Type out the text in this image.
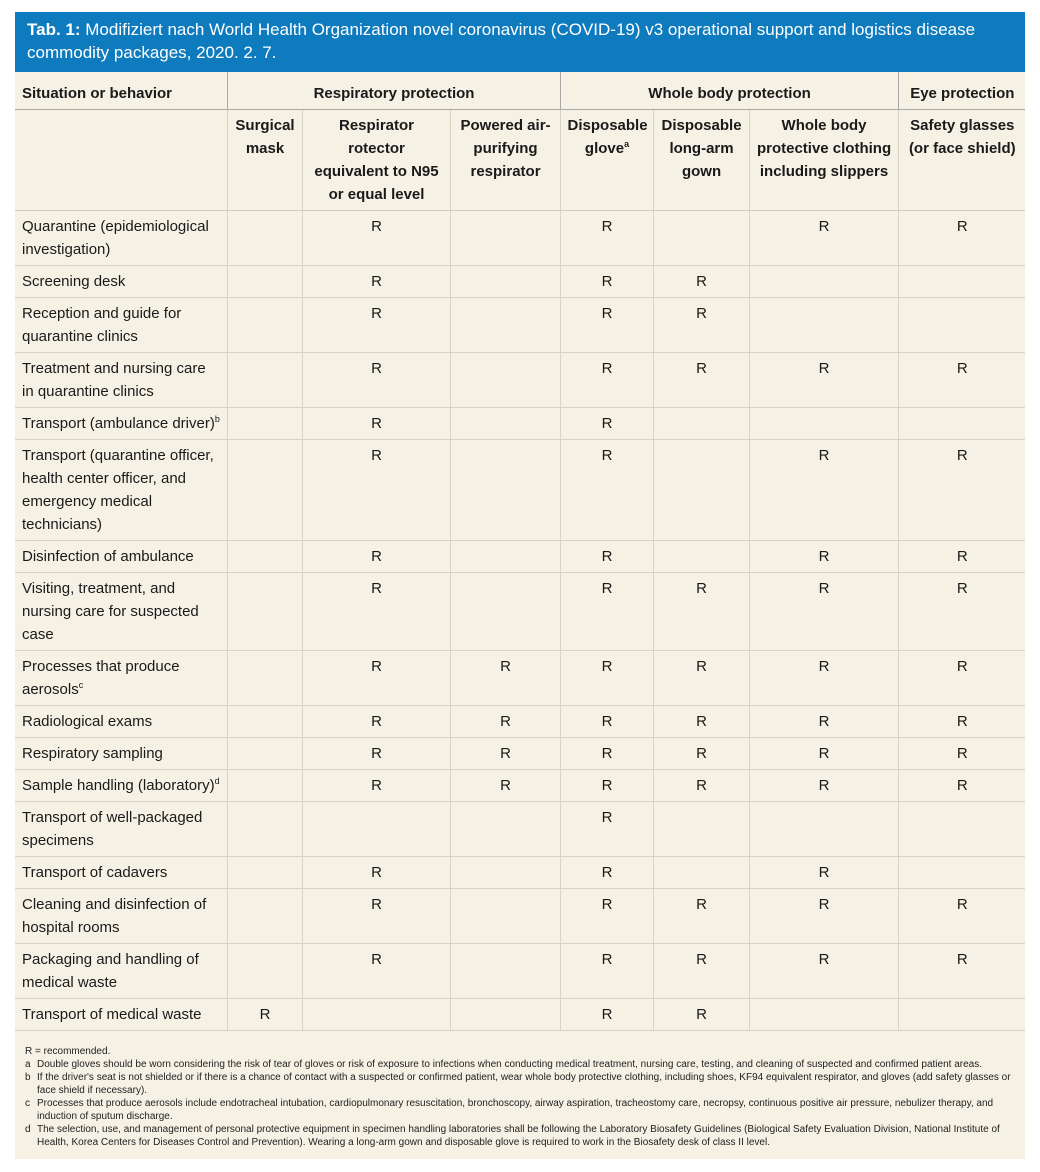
Tab. 1: Modifiziert nach World Health Organization novel coronavirus (COVID-19) v3 operational support and logistics disease commodity packages, 2020. 2. 7.
Situation or behavior	Respiratory protection			Whole body protection			Eye protection
	Surgical mask	Respirator rotector equivalent to N95 or equal level	Powered air-purifying respirator	Disposable glove$^a$	Disposable long-arm gown	Whole body protective clothing including slippers	Safety glasses (or face shield)
Quarantine (epidemiological investigation)		R		R		R	R
Screening desk		R		R	R		
Reception and guide for quarantine clinics		R		R	R		
Treatment and nursing care in quarantine clinics		R		R	R	R	R
Transport (ambulance driver)$^b$		R		R			
Transport (quarantine officer, health center officer, and emergency medical technicians)		R		R		R	R
Disinfection of ambulance		R		R		R	R
Visiting, treatment, and nursing care for suspected case		R		R	R	R	R
Processes that produce aerosols$^c$		R	R	R	R	R	R
Radiological exams		R	R	R	R	R	R
Respiratory sampling		R	R	R	R	R	R
Sample handling (laboratory)$^d$		R	R	R	R	R	R
Transport of well-packaged specimens				R			
Transport of cadavers		R		R		R	
Cleaning and disinfection of hospital rooms		R		R	R	R	R
Packaging and handling of medical waste		R		R	R	R	R
Transport of medical waste	R			R	R		
R = recommended.
a Double gloves should be worn considering the risk of tear of gloves or risk of exposure to infections when conducting medical treatment, nursing care, testing, and cleaning of suspected and confirmed patient areas.
b If the driver's seat is not shielded or if there is a chance of contact with a suspected or confirmed patient, wear whole body protective clothing, including shoes, KF94 equivalent respirator, and gloves (add safety glasses or face shield if necessary).
c Processes that produce aerosols include endotracheal intubation, cardiopulmonary resuscitation, bronchoscopy, airway aspiration, tracheostomy care, necropsy, continuous positive air pressure, nebulizer therapy, and induction of sputum discharge.
d The selection, use, and management of personal protective equipment in specimen handling laboratories shall be following the Laboratory Biosafety Guidelines (Biological Safety Evaluation Division, National Institute of Health, Korea Centers for Diseases Control and Prevention). Wearing a long-arm gown and disposable glove is required to work in the Biosafety desk of class II level.
